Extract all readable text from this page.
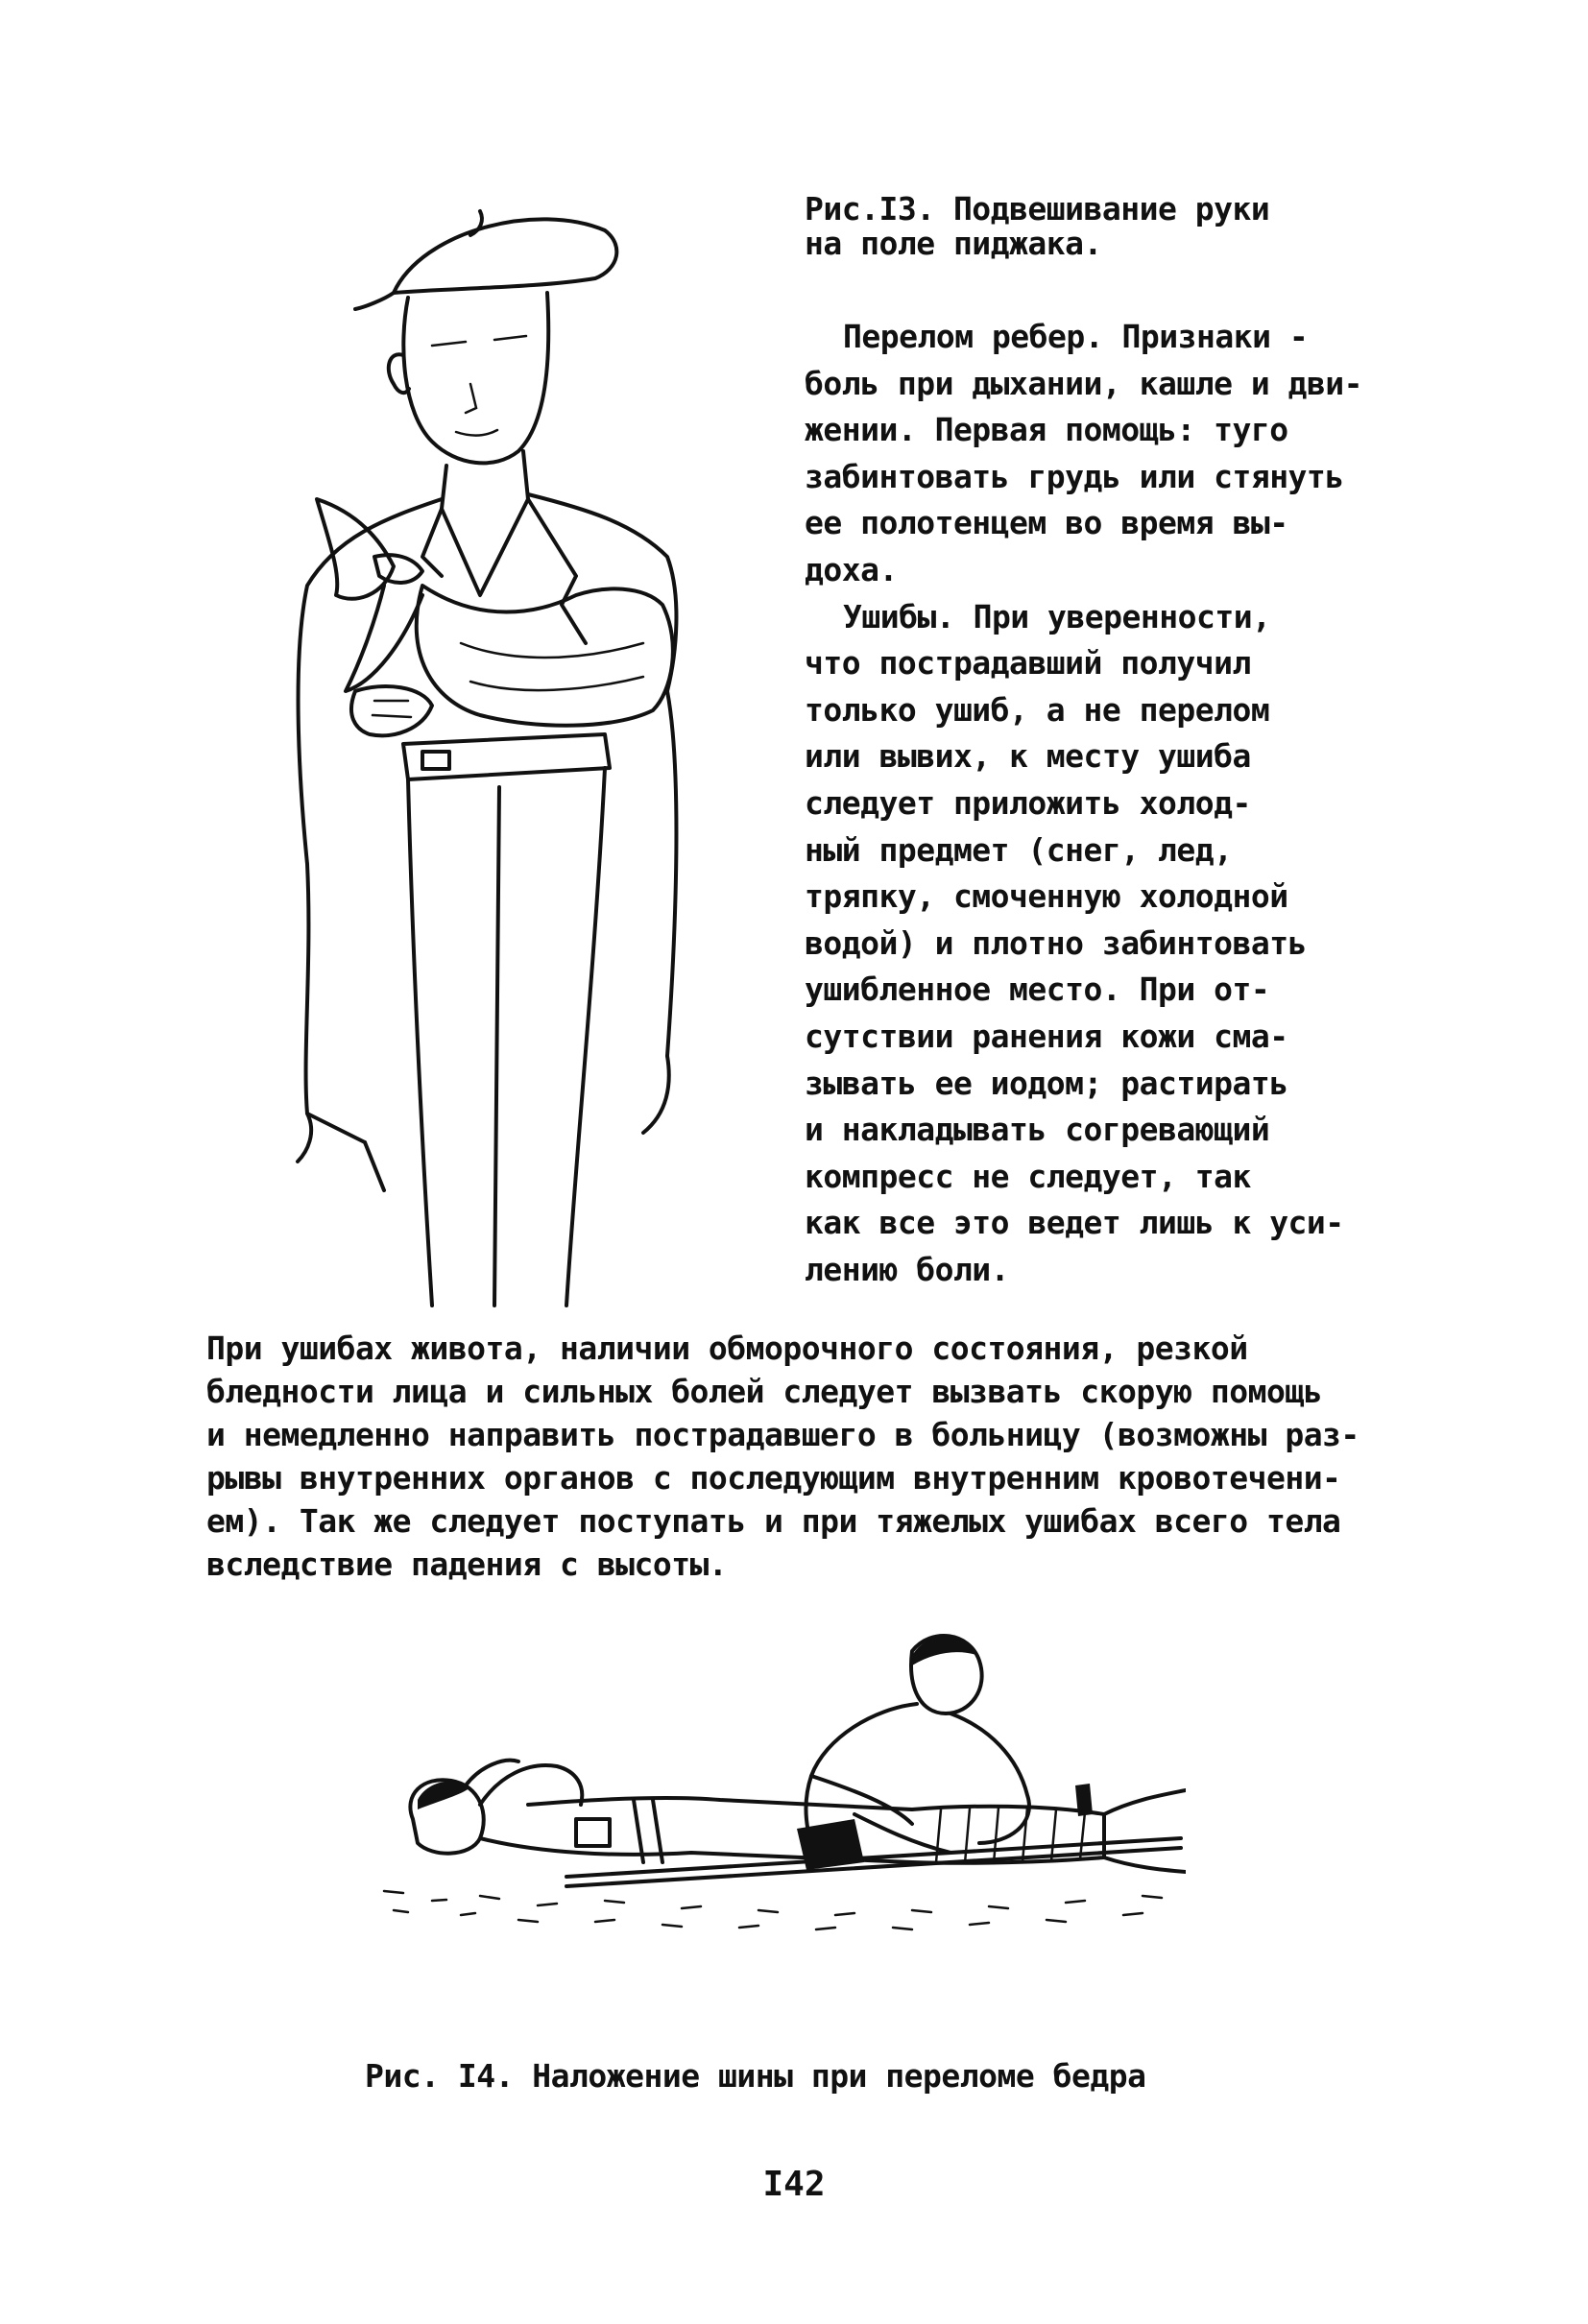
Рис.I3. Подвешивание руки
на поле пиджака.

Перелом ребер. Признаки -
боль при дыхании, кашле и дви-
жении. Первая помощь: туго
забинтовать грудь или стянуть
ее полотенцем во время вы-
доха.

Ушибы. При уверенности,
что пострадавший получил
только ушиб, а не перелом
или вывих, к месту ушиба
следует приложить холод-
ный предмет (снег, лед,
тряпку, смоченную холодной
водой) и плотно забинтовать
ушибленное место. При от-
сутствии ранения кожи сма-
зывать ее иодом; растирать
и накладывать согревающий
компресс не следует, так
как все это ведет лишь к уси-
лению боли.

При ушибах живота, наличии обморочного состояния, резкой
бледности лица и сильных болей следует вызвать скорую помощь
и немедленно направить пострадавшего в больницу (возможны раз-
рывы внутренних органов с последующим внутренним кровотечени-
ем). Так же следует поступать и при тяжелых ушибах всего тела
вследствие падения с высоты.
Рис. I4. Наложение шины при переломе бедра
I42
